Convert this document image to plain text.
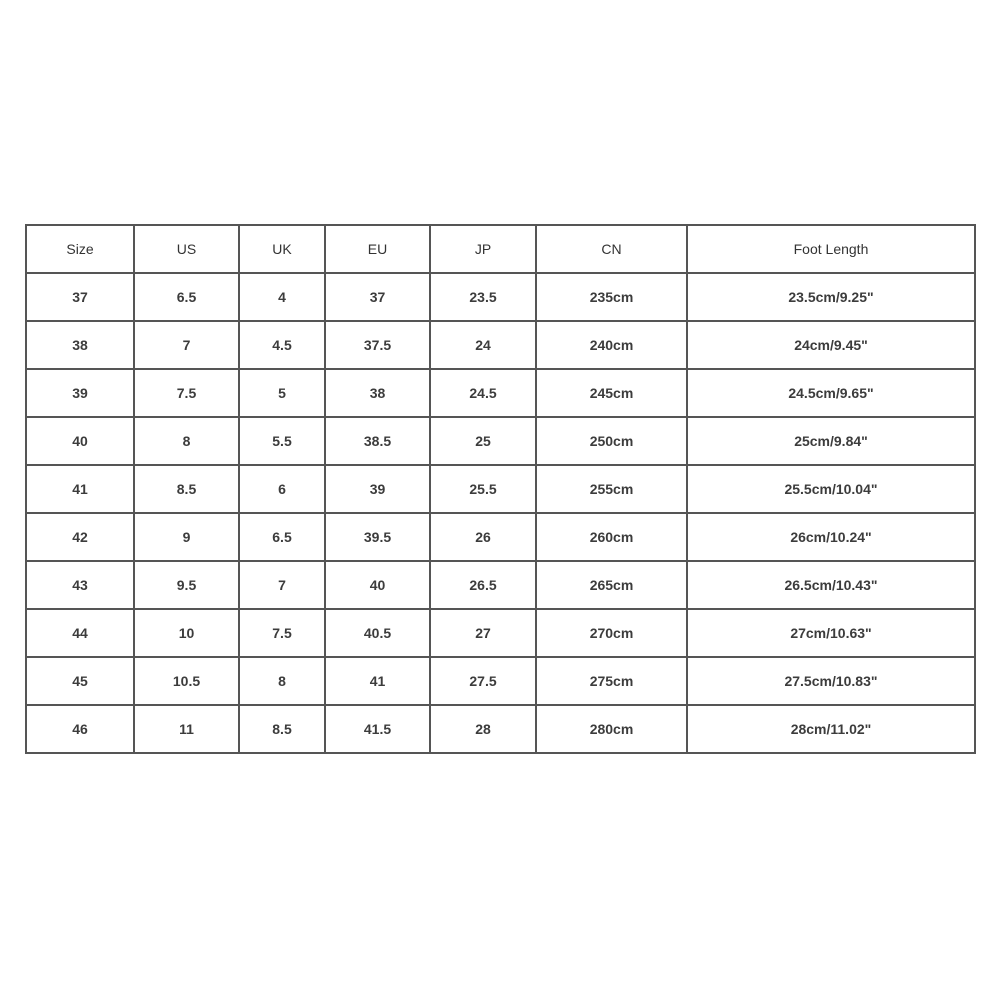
Size	US	UK	EU	JP	CN	Foot Length
37	6.5	4	37	23.5	235cm	23.5cm/9.25"
38	7	4.5	37.5	24	240cm	24cm/9.45"
39	7.5	5	38	24.5	245cm	24.5cm/9.65"
40	8	5.5	38.5	25	250cm	25cm/9.84"
41	8.5	6	39	25.5	255cm	25.5cm/10.04"
42	9	6.5	39.5	26	260cm	26cm/10.24"
43	9.5	7	40	26.5	265cm	26.5cm/10.43"
44	10	7.5	40.5	27	270cm	27cm/10.63"
45	10.5	8	41	27.5	275cm	27.5cm/10.83"
46	11	8.5	41.5	28	280cm	28cm/11.02"
